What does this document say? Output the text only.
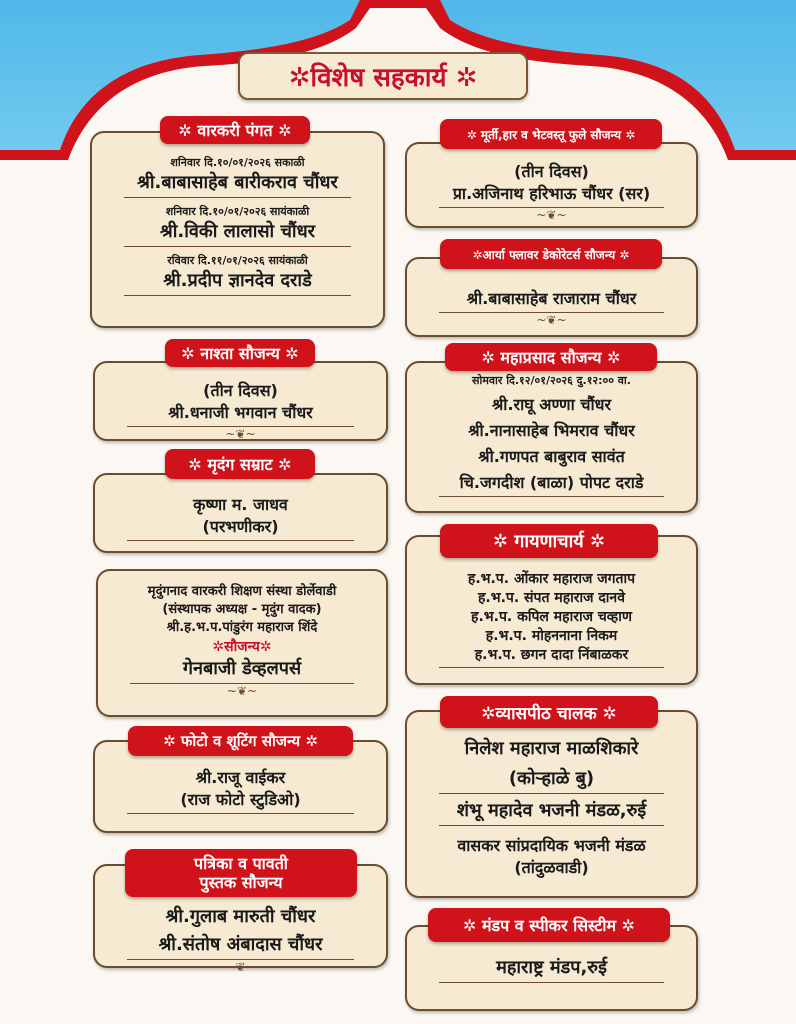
✲विशेष सहकार्य ✲
शनिवार दि.१०/०१/२०२६ सकाळी
श्री.बाबासाहेब बारीकराव चौंधर
शनिवार दि.१०/०१/२०२६ सायंकाळी
श्री.विकी लालासो चौंधर
रविवार दि.११/०१/२०२६ सायंकाळी
श्री.प्रदीप ज्ञानदेव दराडे
✲ वारकरी पंगत ✲
(तीन दिवस)
श्री.धनाजी भगवान चौंधर
~❦~
✲ नाश्ता सौजन्य ✲
कृष्णा म. जाधव
(परभणीकर)
✲ मृदंग सम्राट ✲
मृदुंगनाद वारकरी शिक्षण संस्था डोर्लेवाडी
(संस्थापक अध्यक्ष - मृदुंग वादक)
श्री.ह.भ.प.पांडुरंग महाराज शिंदे
✲सौजन्य✲
गेनबाजी डेव्हलपर्स
~❦~
श्री.राजू वाईकर
(राज फोटो स्टुडिओ)
✲ फोटो व शूटिंग सौजन्य ✲
श्री.गुलाब मारुती चौंधर
श्री.संतोष अंबादास चौंधर
~❦~
पत्रिका व पावती
पुस्तक सौजन्य
(तीन दिवस)
प्रा.अजिनाथ हरिभाऊ चौंधर (सर)
~❦~
✲ मूर्ती,हार व भेटवस्तू फुले सौजन्य ✲
श्री.बाबासाहेब राजाराम चौंधर
~❦~
✲आर्या फ्लावर डेकोरेटर्स सौजन्य ✲
सोमवार दि.१२/०१/२०२६ दु.१२:०० वा.
श्री.राघू अण्णा चौंधर
श्री.नानासाहेब भिमराव चौंधर
श्री.गणपत बाबुराव सावंत
चि.जगदीश (बाळा) पोपट दराडे
✲ महाप्रसाद सौजन्य ✲
ह.भ.प. ओंकार महाराज जगताप
ह.भ.प. संपत महाराज दानवे
ह.भ.प. कपिल महाराज चव्हाण
ह.भ.प. मोहननाना निकम
ह.भ.प. छगन दादा निंबाळकर
✲ गायणाचार्य ✲
निलेश महाराज माळशिकारे
(कोऱ्हाळे बु)
शंभू महादेव भजनी मंडळ,रुई
वासकर सांप्रदायिक भजनी मंडळ
(तांदुळवाडी)
✲व्यासपीठ चालक ✲
महाराष्ट्र मंडप,रुई
✲ मंडप व स्पीकर सिस्टीम ✲
